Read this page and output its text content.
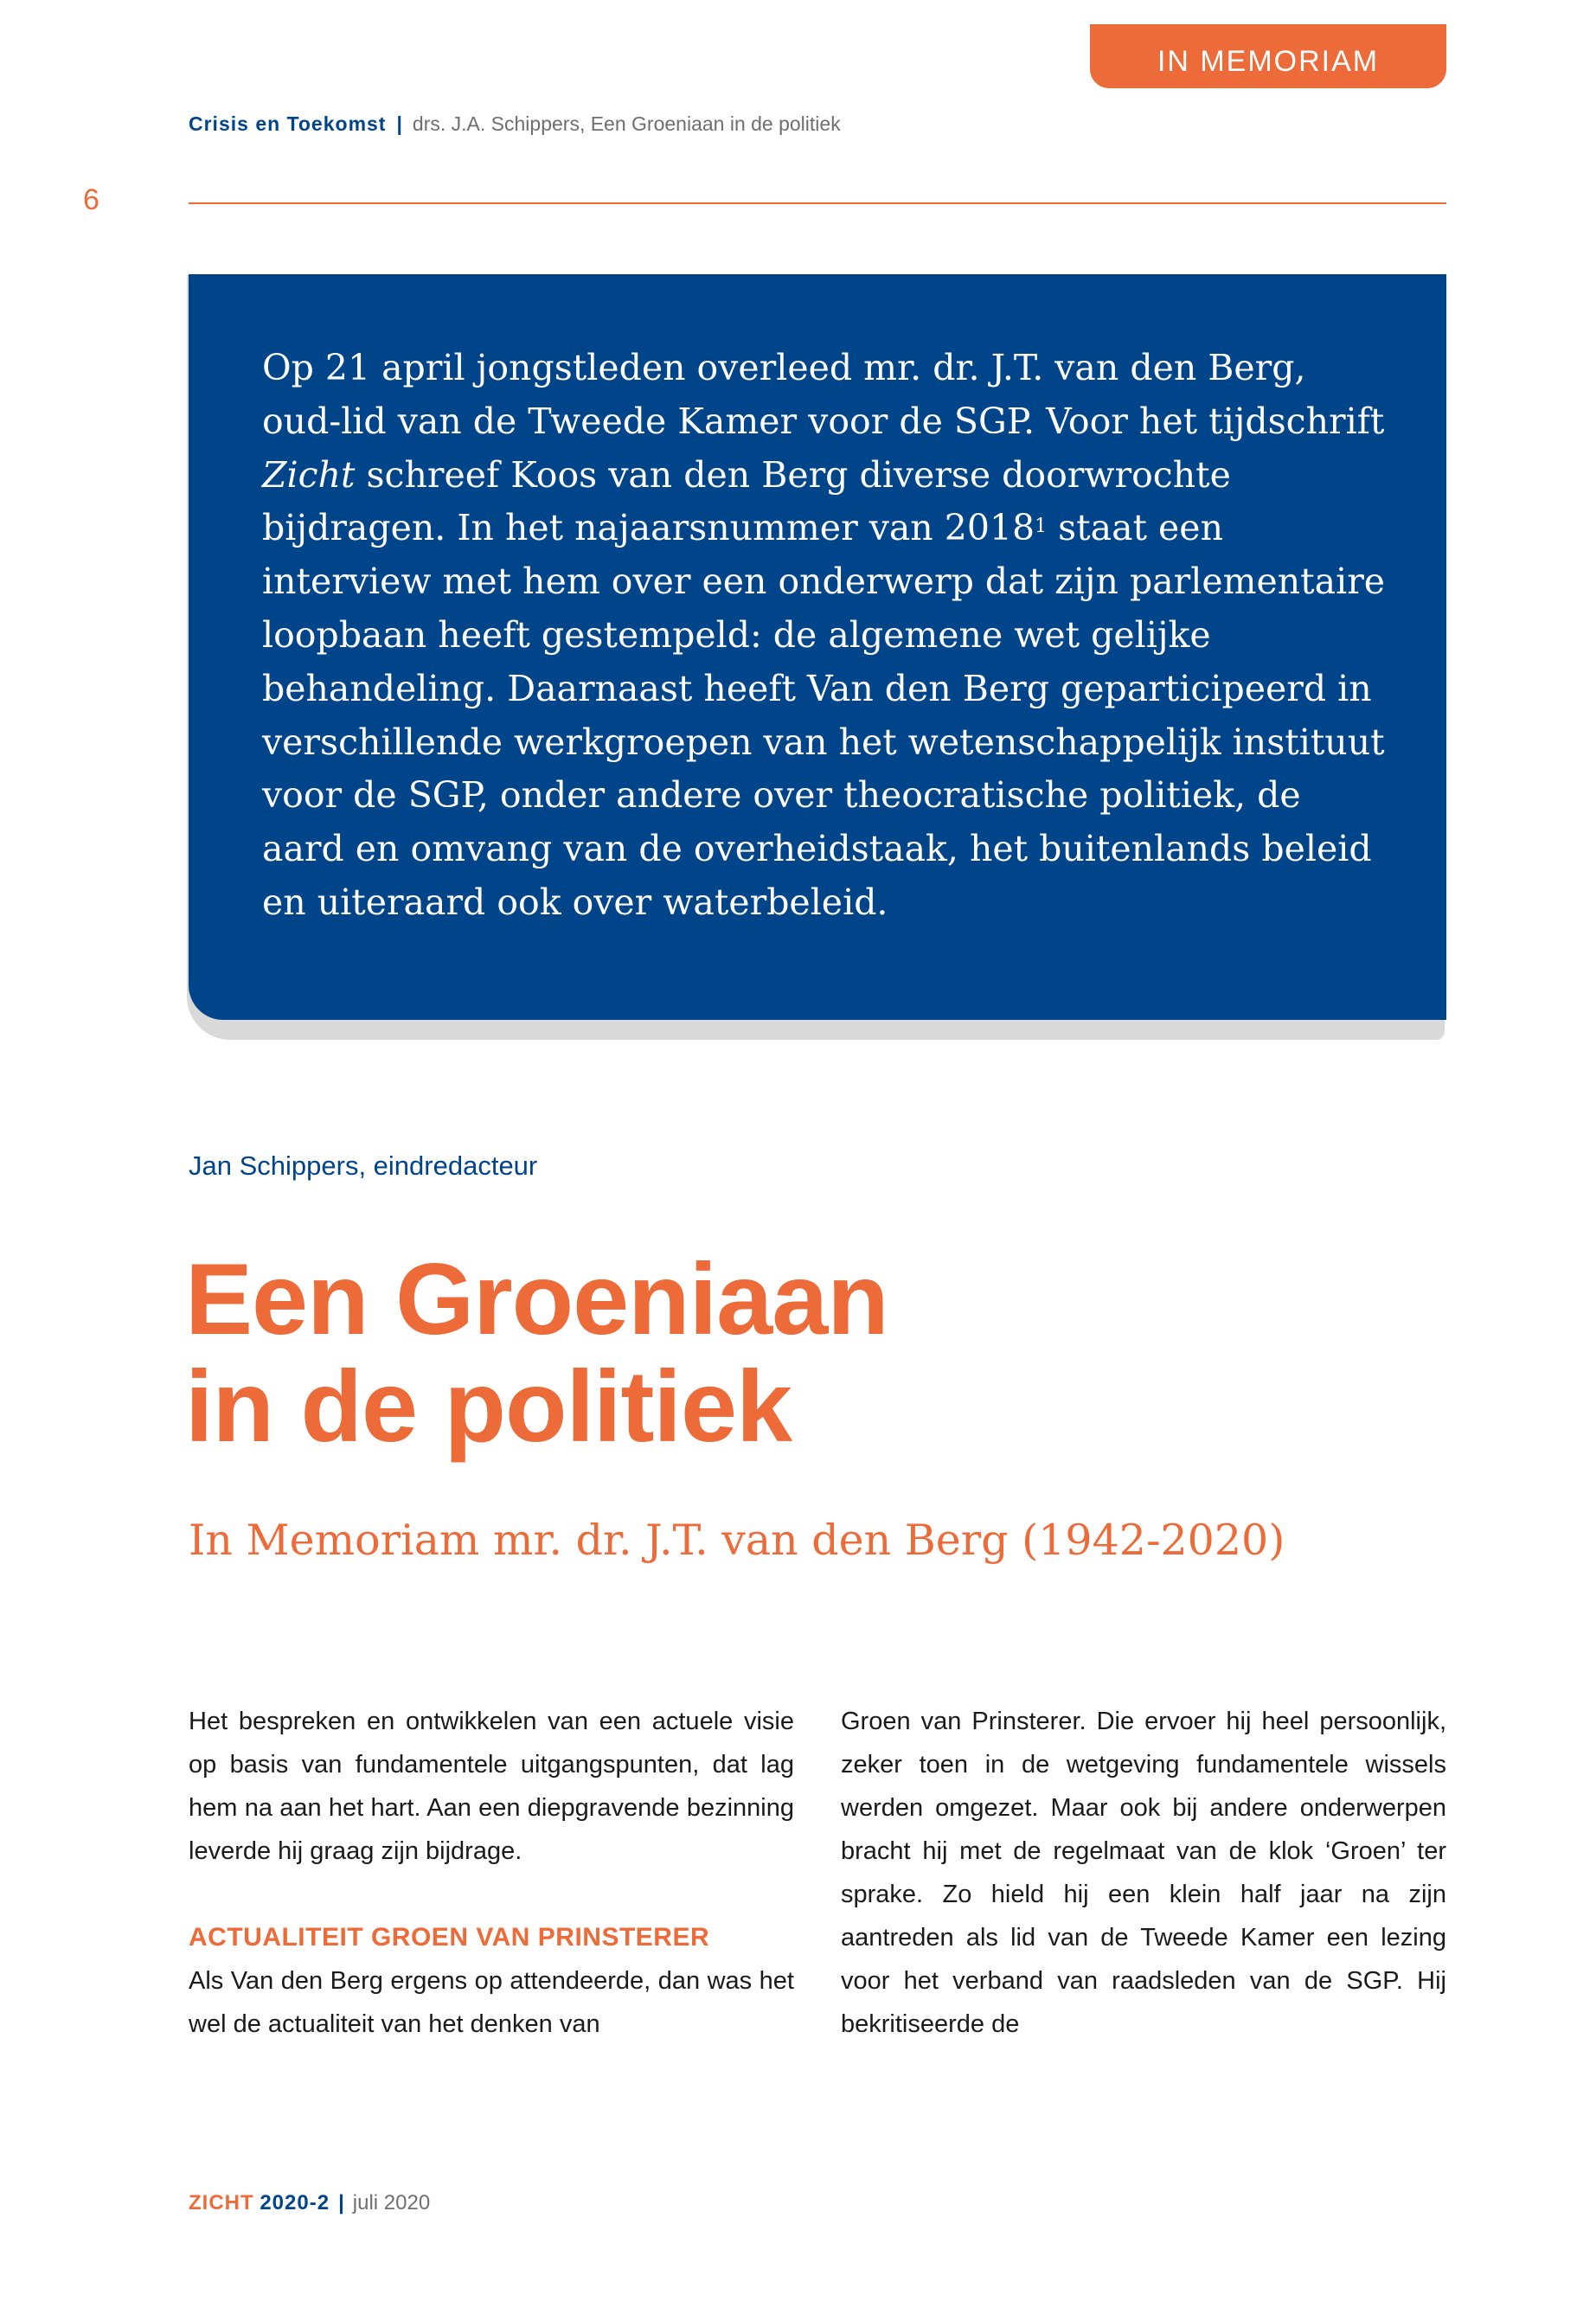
IN MEMORIAM
Crisis en Toekomst | drs. J.A. Schippers, Een Groeniaan in de politiek
6

Op 21 april jongstleden overleed mr. dr. J.T. van den Berg, oud-lid van de Tweede Kamer voor de SGP. Voor het tijdschrift Zicht schreef Koos van den Berg diverse doorwrochte bijdragen. In het najaarsnummer van 2018$^1$ staat een interview met hem over een onderwerp dat zijn parlementaire loopbaan heeft gestempeld: de algemene wet gelijke behandeling. Daarnaast heeft Van den Berg geparticipeerd in verschillende werkgroepen van het wetenschappelijk instituut voor de SGP, onder andere over theocratische politiek, de aard en omvang van de overheidstaak, het buitenlands beleid en uiteraard ook over waterbeleid.

Jan Schippers, eindredacteur
Een Groeniaan
in de politiek
In Memoriam mr. dr. J.T. van den Berg (1942-2020)

Het bespreken en ontwikkelen van een actuele visie op basis van fundamentele uitgangspunten, dat lag hem na aan het hart. Aan een diepgravende bezinning leverde hij graag zijn bijdrage.

ACTUALITEIT GROEN VAN PRINSTERER

Als Van den Berg ergens op attendeerde, dan was het wel de actualiteit van het denken van

Groen van Prinsterer. Die ervoer hij heel persoonlijk, zeker toen in de wetgeving fundamentele wissels werden omgezet. Maar ook bij andere onderwerpen bracht hij met de regelmaat van de klok ‘Groen’ ter sprake. Zo hield hij een klein half jaar na zijn aantreden als lid van de Tweede Kamer een lezing voor het verband van raadsleden van de SGP. Hij bekritiseerde de

ZICHT 2020-2 | juli 2020
